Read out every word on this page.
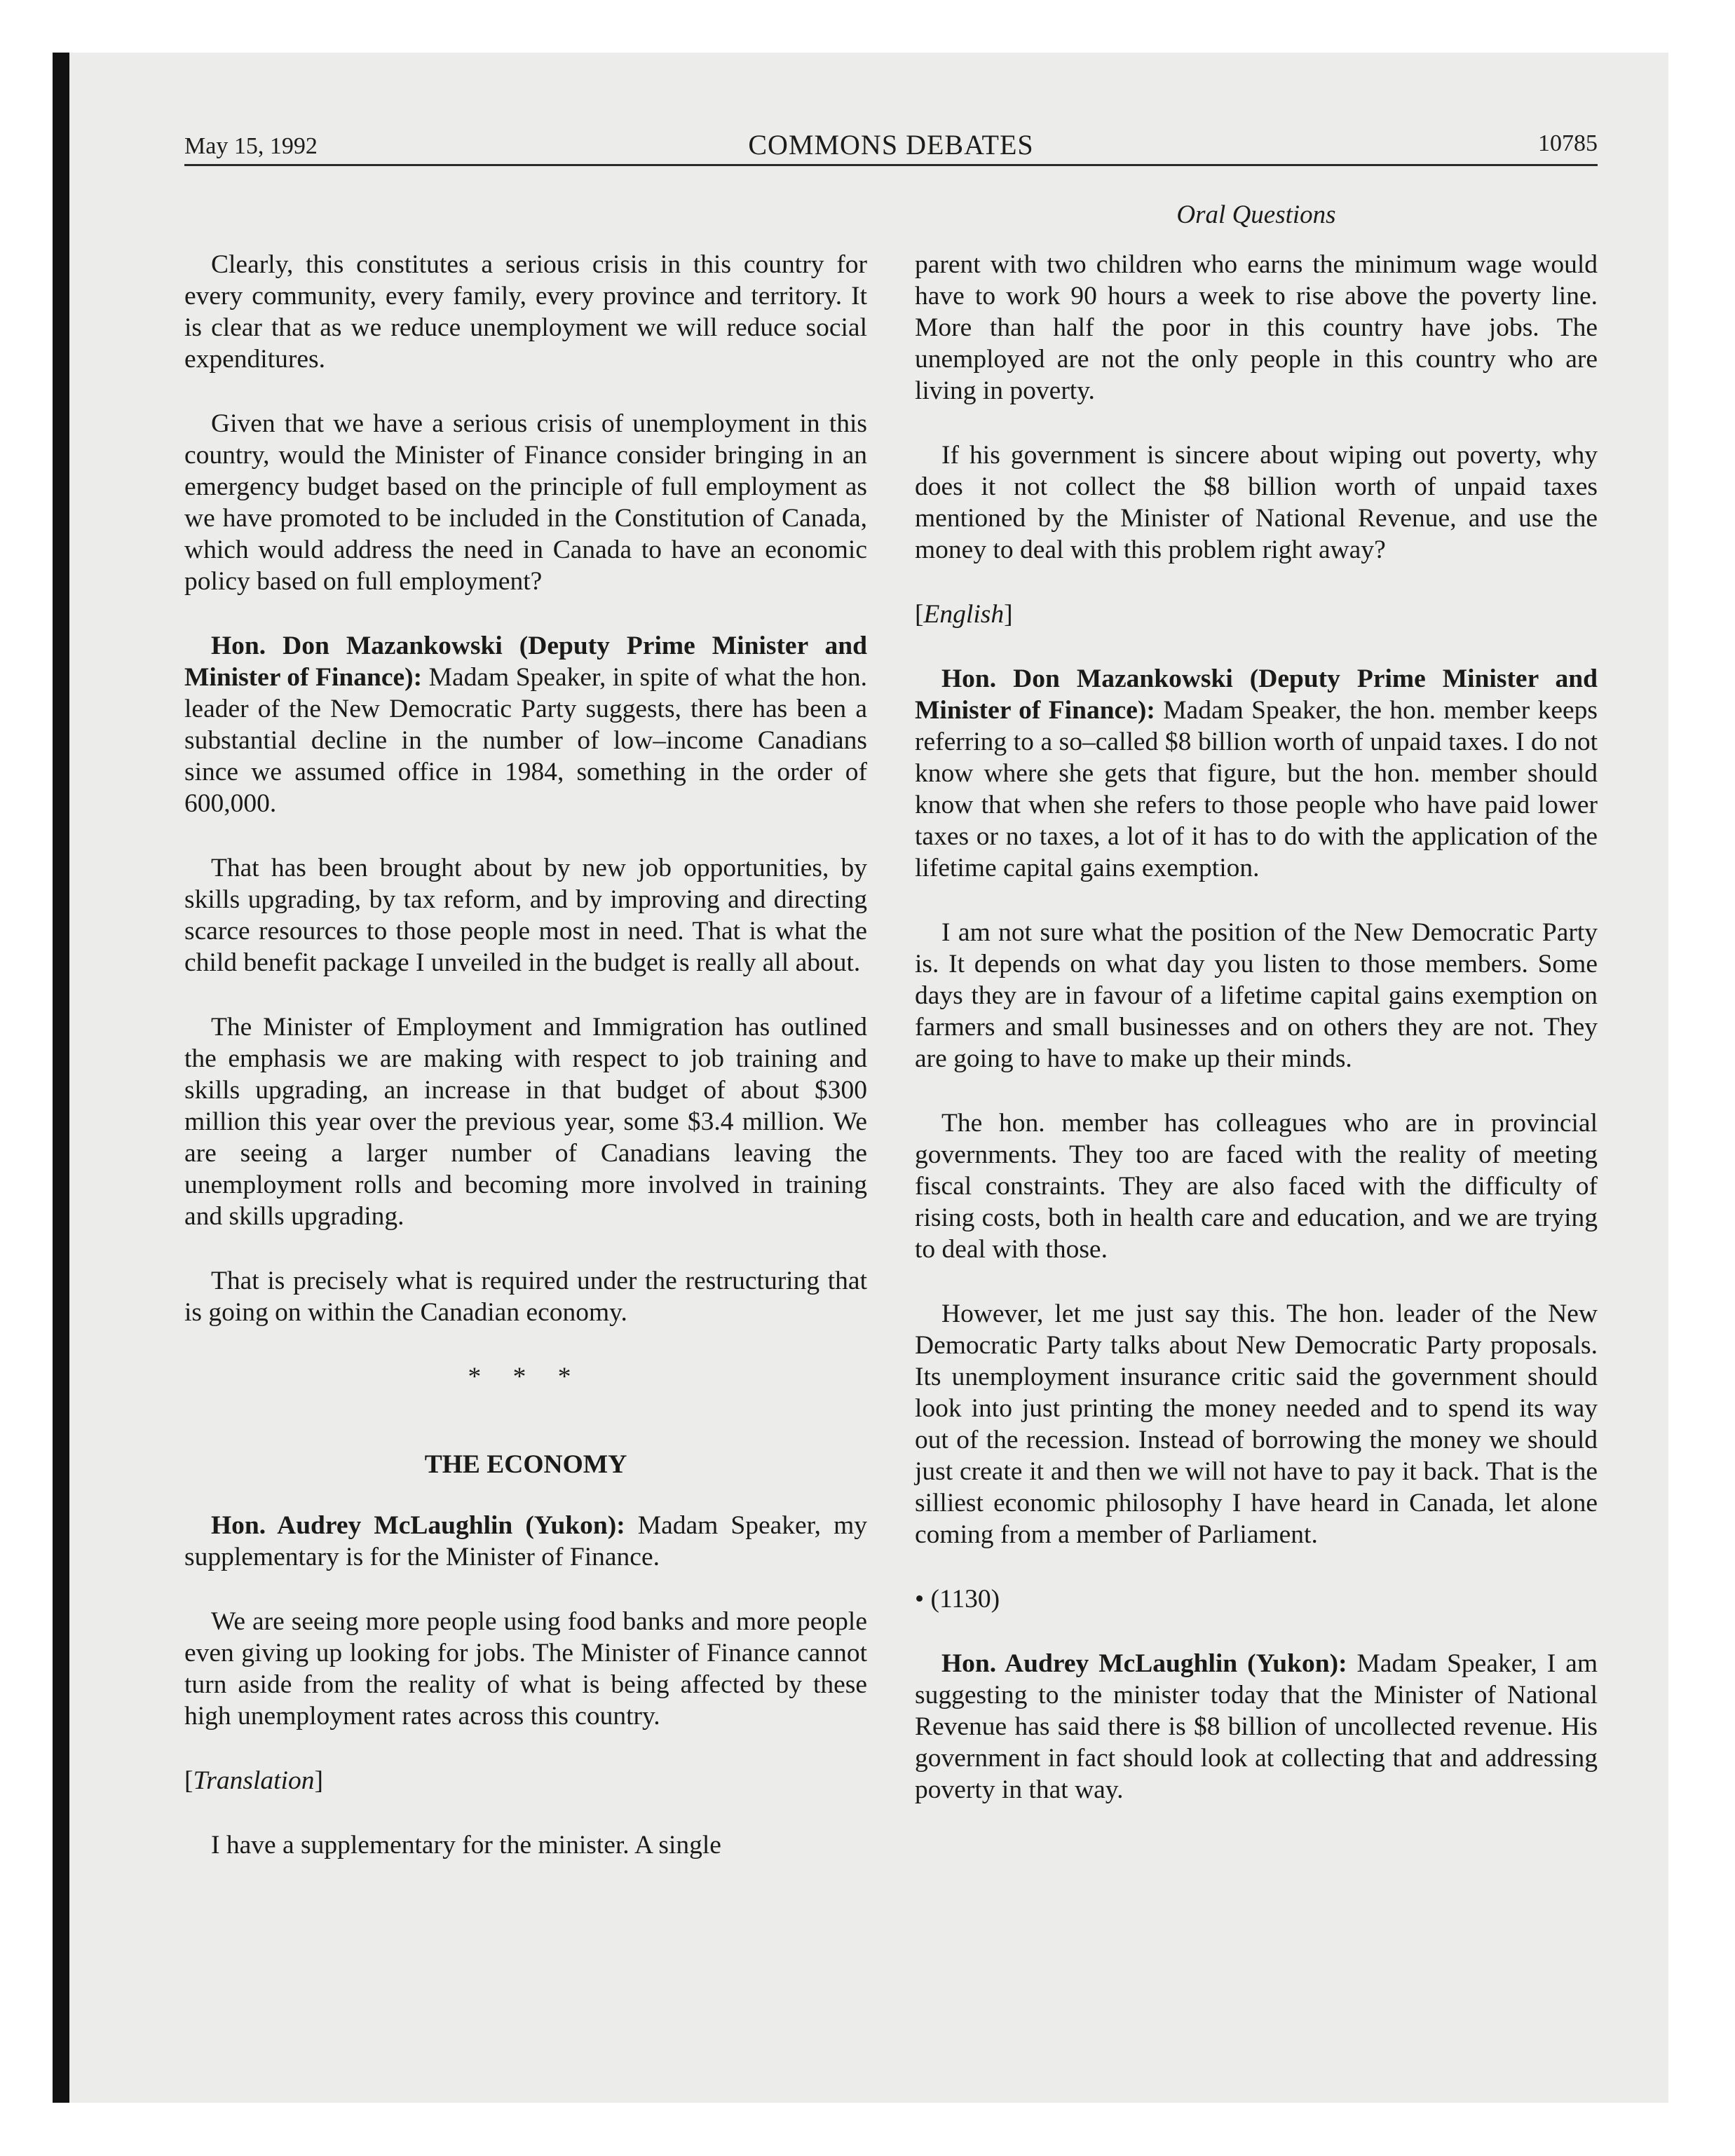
May 15, 1992	COMMONS DEBATES	10785
Oral Questions

Clearly, this constitutes a serious crisis in this country for every community, every family, every province and territory. It is clear that as we reduce unemployment we will reduce social expenditures.

Given that we have a serious crisis of unemployment in this country, would the Minister of Finance consider bringing in an emergency budget based on the principle of full employment as we have promoted to be included in the Constitution of Canada, which would address the need in Canada to have an economic policy based on full employment?

Hon. Don Mazankowski (Deputy Prime Minister and Minister of Finance): Madam Speaker, in spite of what the hon. leader of the New Democratic Party suggests, there has been a substantial decline in the number of low–income Canadians since we assumed office in 1984, something in the order of 600,000.

That has been brought about by new job opportunities, by skills upgrading, by tax reform, and by improving and directing scarce resources to those people most in need. That is what the child benefit package I unveiled in the budget is really all about.

The Minister of Employment and Immigration has outlined the emphasis we are making with respect to job training and skills upgrading, an increase in that budget of about $300 million this year over the previous year, some $3.4 million. We are seeing a larger number of Canadians leaving the unemployment rolls and becoming more involved in training and skills upgrading.

That is precisely what is required under the restructuring that is going on within the Canadian economy.

* * *

THE ECONOMY

Hon. Audrey McLaughlin (Yukon): Madam Speaker, my supplementary is for the Minister of Finance.

We are seeing more people using food banks and more people even giving up looking for jobs. The Minister of Finance cannot turn aside from the reality of what is being affected by these high unemployment rates across this country.

[Translation]

I have a supplementary for the minister. A single

parent with two children who earns the minimum wage would have to work 90 hours a week to rise above the poverty line. More than half the poor in this country have jobs. The unemployed are not the only people in this country who are living in poverty.

If his government is sincere about wiping out poverty, why does it not collect the $8 billion worth of unpaid taxes mentioned by the Minister of National Revenue, and use the money to deal with this problem right away?

[English]

Hon. Don Mazankowski (Deputy Prime Minister and Minister of Finance): Madam Speaker, the hon. member keeps referring to a so–called $8 billion worth of unpaid taxes. I do not know where she gets that figure, but the hon. member should know that when she refers to those people who have paid lower taxes or no taxes, a lot of it has to do with the application of the lifetime capital gains exemption.

I am not sure what the position of the New Democratic Party is. It depends on what day you listen to those members. Some days they are in favour of a lifetime capital gains exemption on farmers and small businesses and on others they are not. They are going to have to make up their minds.

The hon. member has colleagues who are in provincial governments. They too are faced with the reality of meeting fiscal constraints. They are also faced with the difficulty of rising costs, both in health care and education, and we are trying to deal with those.

However, let me just say this. The hon. leader of the New Democratic Party talks about New Democratic Party proposals. Its unemployment insurance critic said the government should look into just printing the money needed and to spend its way out of the recession. Instead of borrowing the money we should just create it and then we will not have to pay it back. That is the silliest economic philosophy I have heard in Canada, let alone coming from a member of Parliament.

• (1130)

Hon. Audrey McLaughlin (Yukon): Madam Speaker, I am suggesting to the minister today that the Minister of National Revenue has said there is $8 billion of uncollected revenue. His government in fact should look at collecting that and addressing poverty in that way.
